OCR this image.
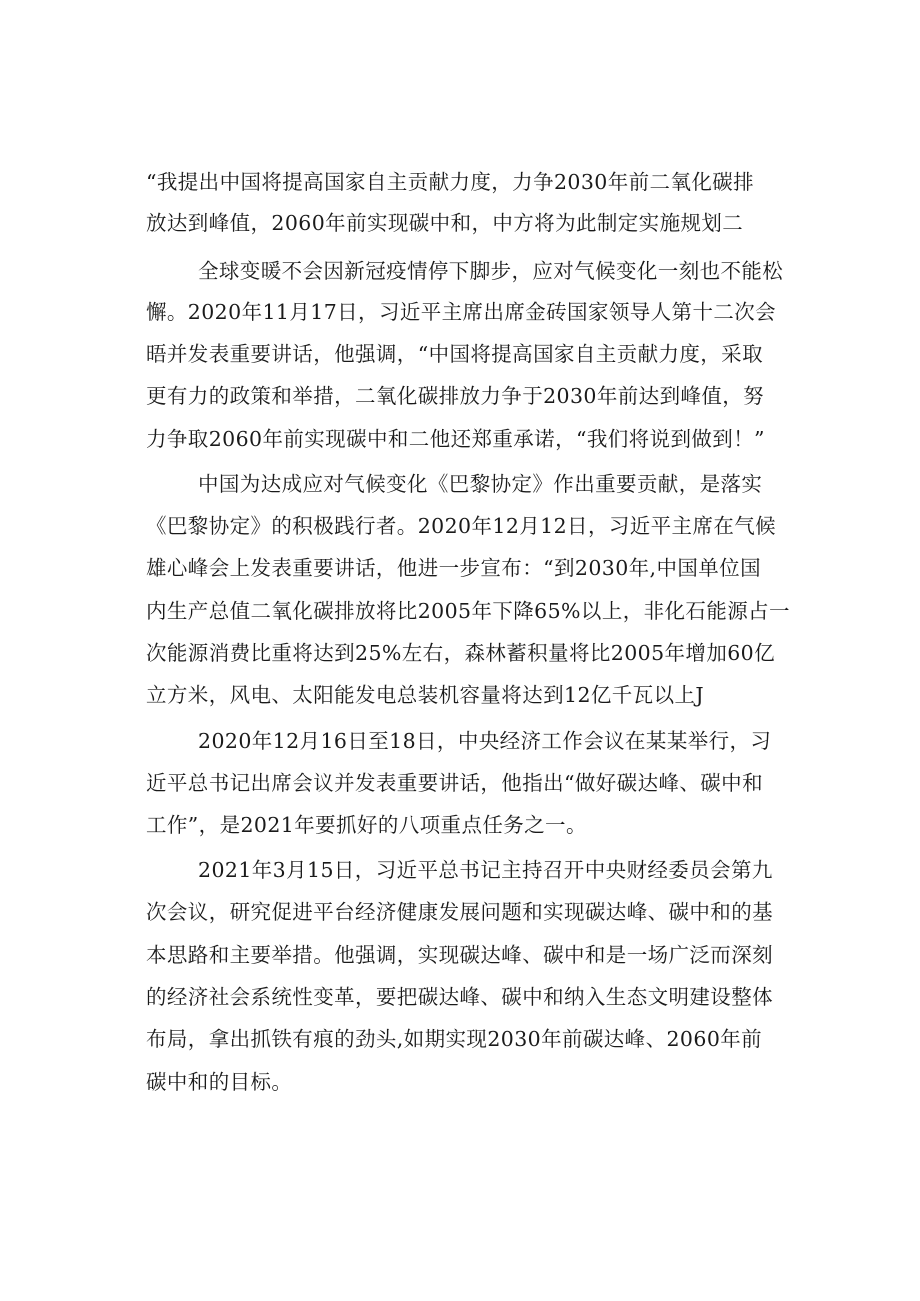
“我提出中国将提高国家自主贡献力度，力争2030年前二氧化碳排
放达到峰值，2060年前实现碳中和，中方将为此制定实施规划二
全球变暖不会因新冠疫情停下脚步，应对气候变化一刻也不能松
懈。2020年11月17日，习近平主席出席金砖国家领导人第十二次会
晤并发表重要讲话，他强调，“中国将提高国家自主贡献力度，采取
更有力的政策和举措，二氧化碳排放力争于2030年前达到峰值，努
力争取2060年前实现碳中和二他还郑重承诺，“我们将说到做到！”
中国为达成应对气候变化《巴黎协定》作出重要贡献，是落实
《巴黎协定》的积极践行者。2020年12月12日，习近平主席在气候
雄心峰会上发表重要讲话，他进一步宣布：“到2030年,中国单位国
内生产总值二氧化碳排放将比2005年下降65%以上，非化石能源占一
次能源消费比重将达到25%左右，森林蓄积量将比2005年增加60亿
立方米，风电、太阳能发电总装机容量将达到12亿千瓦以上J
2020年12月16日至18日，中央经济工作会议在某某举行，习
近平总书记出席会议并发表重要讲话，他指出“做好碳达峰、碳中和
工作”，是2021年要抓好的八项重点任务之一。
2021年3月15日，习近平总书记主持召开中央财经委员会第九
次会议，研究促进平台经济健康发展问题和实现碳达峰、碳中和的基
本思路和主要举措。他强调，实现碳达峰、碳中和是一场广泛而深刻
的经济社会系统性变革，要把碳达峰、碳中和纳入生态文明建设整体
布局，拿出抓铁有痕的劲头,如期实现2030年前碳达峰、2060年前
碳中和的目标。
